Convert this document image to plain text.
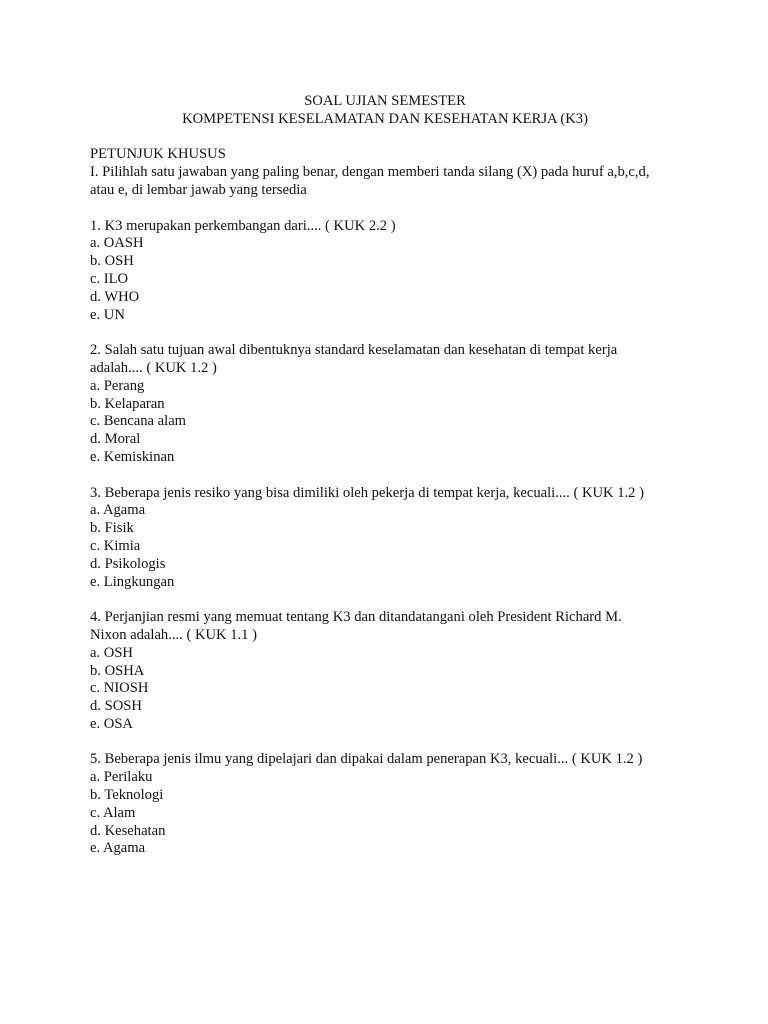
SOAL UJIAN SEMESTER
KOMPETENSI KESELAMATAN DAN KESEHATAN KERJA (K3)
PETUNJUK KHUSUS
I. Pilihlah satu jawaban yang paling benar, dengan memberi tanda silang (X) pada huruf a,b,c,d,
atau e, di lembar jawab yang tersedia
1. K3 merupakan perkembangan dari.... ( KUK 2.2 )
a. OASH
b. OSH
c. ILO
d. WHO
e. UN
2. Salah satu tujuan awal dibentuknya standard keselamatan dan kesehatan di tempat kerja
adalah.... ( KUK 1.2 )
a. Perang
b. Kelaparan
c. Bencana alam
d. Moral
e. Kemiskinan
3. Beberapa jenis resiko yang bisa dimiliki oleh pekerja di tempat kerja, kecuali.... ( KUK 1.2 )
a. Agama
b. Fisik
c. Kimia
d. Psikologis
e. Lingkungan
4. Perjanjian resmi yang memuat tentang K3 dan ditandatangani oleh President Richard M.
Nixon adalah.... ( KUK 1.1 )
a. OSH
b. OSHA
c. NIOSH
d. SOSH
e. OSA
5. Beberapa jenis ilmu yang dipelajari dan dipakai dalam penerapan K3, kecuali... ( KUK 1.2 )
a. Perilaku
b. Teknologi
c. Alam
d. Kesehatan
e. Agama
